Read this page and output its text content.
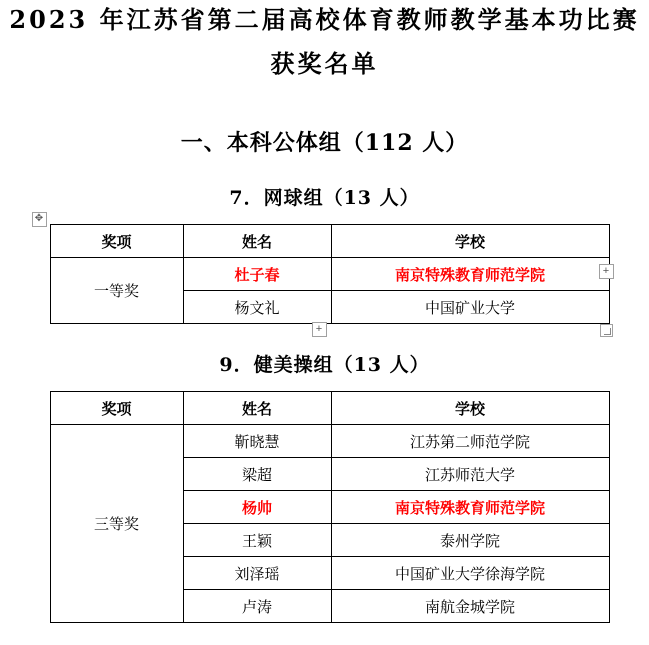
2023 年江苏省第二届高校体育教师教学基本功比赛
获奖名单
一、本科公体组（112 人）
7．网球组（13 人）
✥
+
+
奖项	姓名	学校
一等奖	杜子春	南京特殊教育师范学院
	杨文礼	中国矿业大学
9．健美操组（13 人）
奖项	姓名	学校
三等奖	靳晓慧	江苏第二师范学院
	梁超	江苏师范大学
	杨帅	南京特殊教育师范学院
	王颖	泰州学院
	刘泽瑶	中国矿业大学徐海学院
	卢涛	南航金城学院
